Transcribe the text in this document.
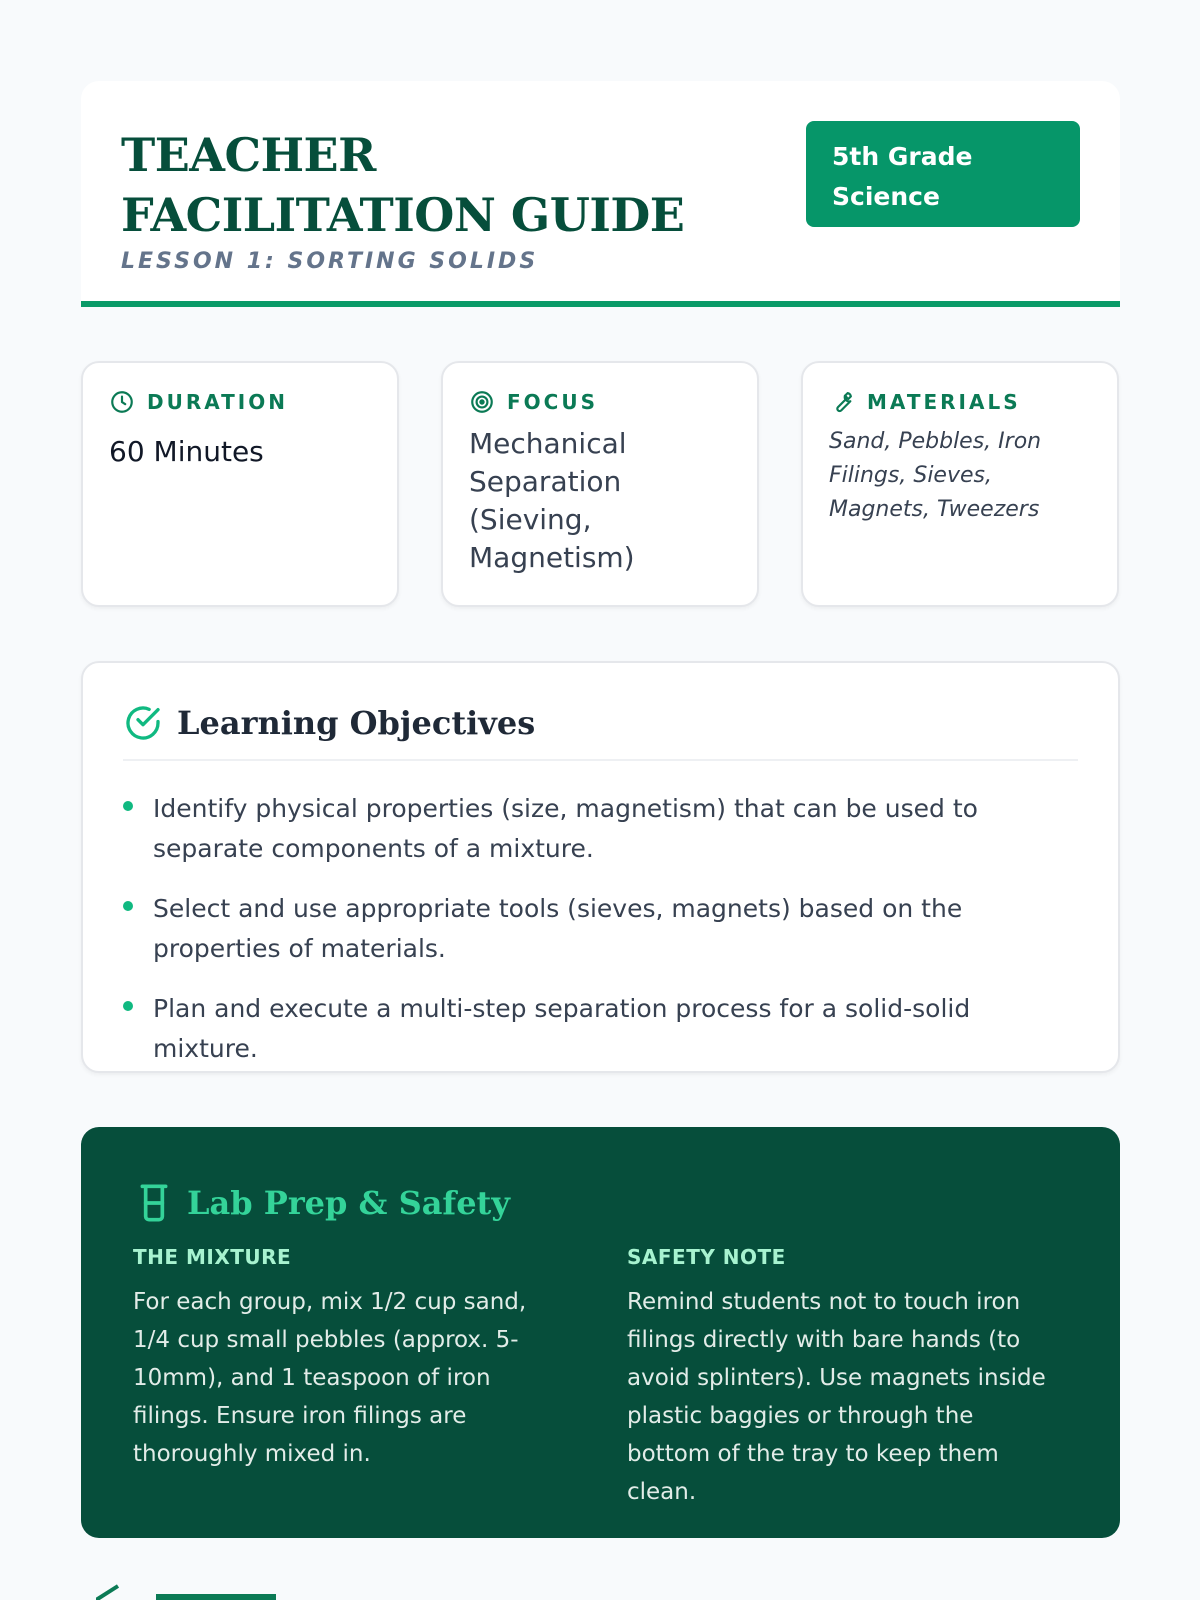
TEACHER FACILITATION GUIDE
LESSON 1: SORTING SOLIDS
5th Grade Science
DURATION
60 Minutes
FOCUS
Mechanical Separation (Sieving, Magnetism)
MATERIALS
Sand, Pebbles, Iron Filings, Sieves, Magnets, Tweezers
Learning Objectives
Identify physical properties (size, magnetism) that can be used to separate components of a mixture.
Select and use appropriate tools (sieves, magnets) based on the properties of materials.
Plan and execute a multi-step separation process for a solid-solid mixture.
Lab Prep & Safety
THE MIXTURE
For each group, mix 1/2 cup sand, 1/4 cup small pebbles (approx. 5-10mm), and 1 teaspoon of iron filings. Ensure iron filings are thoroughly mixed in.
SAFETY NOTE
Remind students not to touch iron filings directly with bare hands (to avoid splinters). Use magnets inside plastic baggies or through the bottom of the tray to keep them clean.
